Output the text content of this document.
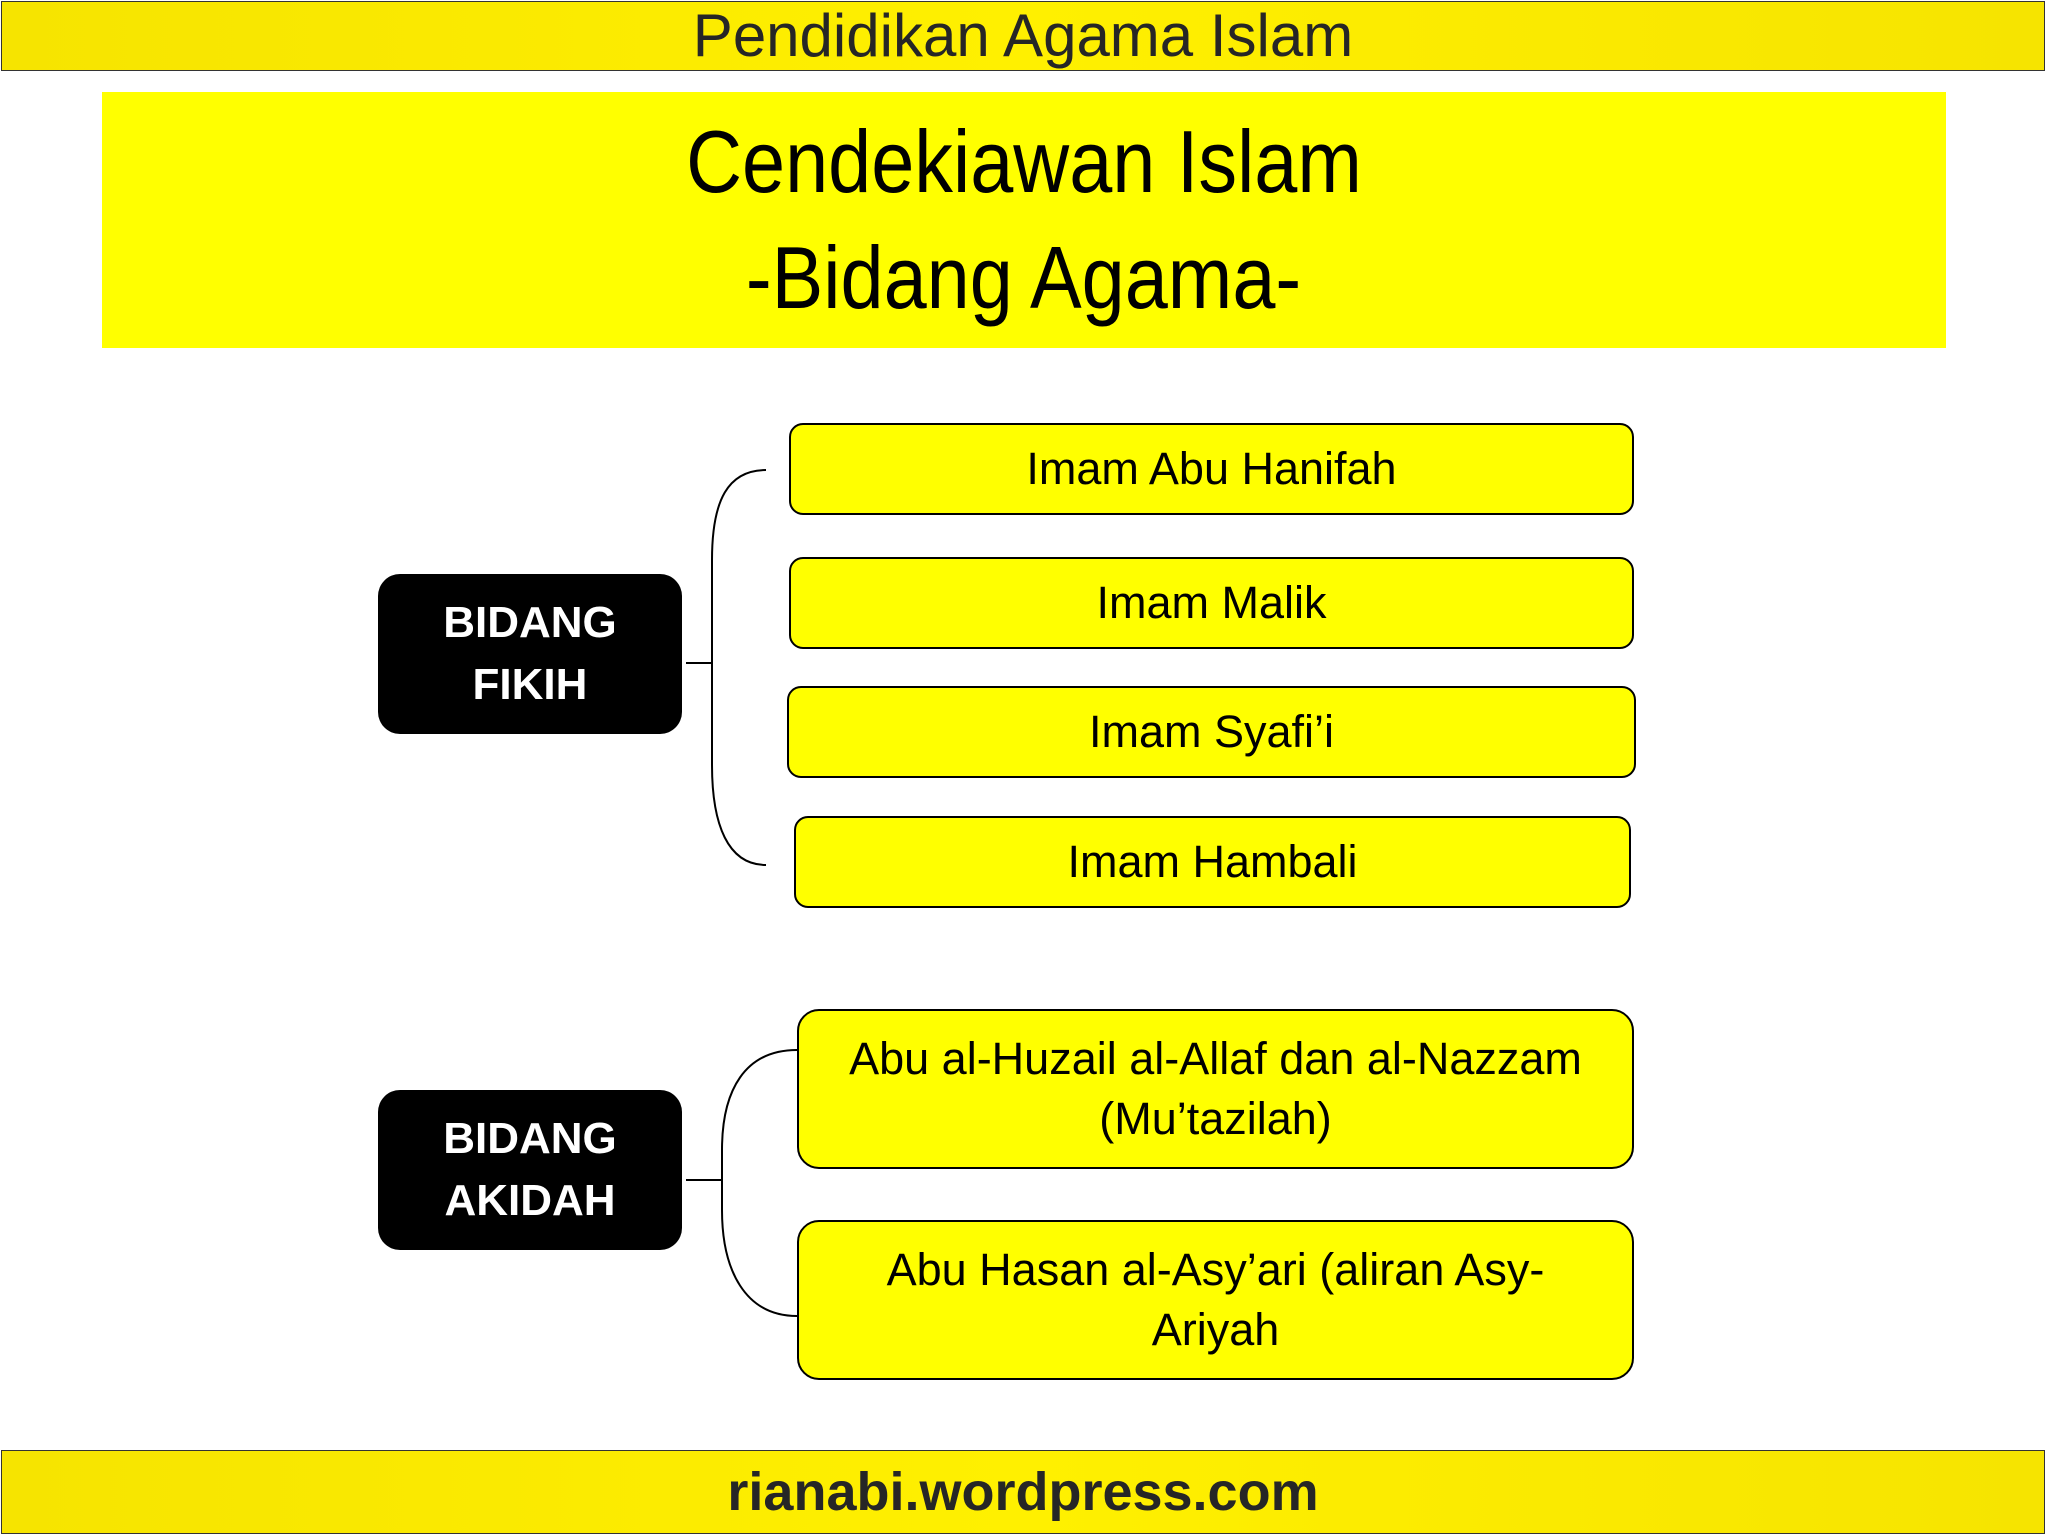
Pendidikan Agama Islam
Cendekiawan Islam
-Bidang Agama-
BIDANG
FIKIH
Imam Abu Hanifah
Imam Malik
Imam Syafi’i
Imam Hambali
BIDANG
AKIDAH
Abu al-Huzail al-Allaf dan al-Nazzam
(Mu’tazilah)
Abu Hasan al-Asy’ari (aliran Asy-
Ariyah
rianabi.wordpress.com
